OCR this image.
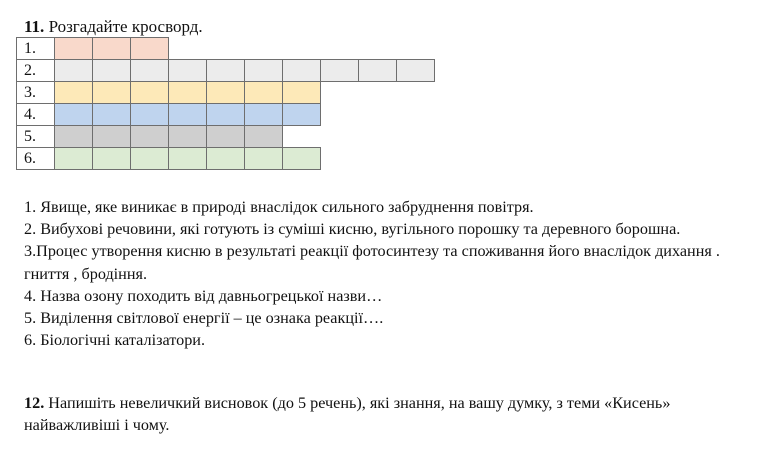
11. Розгадайте кросворд.
1.
2.
3.
4.
5.
6.
1. Явище, яке виникає в природі внаслідок сильного забруднення повітря.
2. Вибухові речовини, які готують із суміші кисню, вугільного порошку та деревного борошна.
3.Процес утворення кисню в результаті реакції фотосинтезу та споживання його внаслідок дихання . гниття , бродіння.
4. Назва озону походить від давньогрецької назви…
5. Виділення світлової енергії – це ознака реакції….
6. Біологічні каталізатори.
12. Напишіть невеличкий висновок (до 5 речень), які знання, на вашу думку, з теми «Кисень» найважливіші і чому.
